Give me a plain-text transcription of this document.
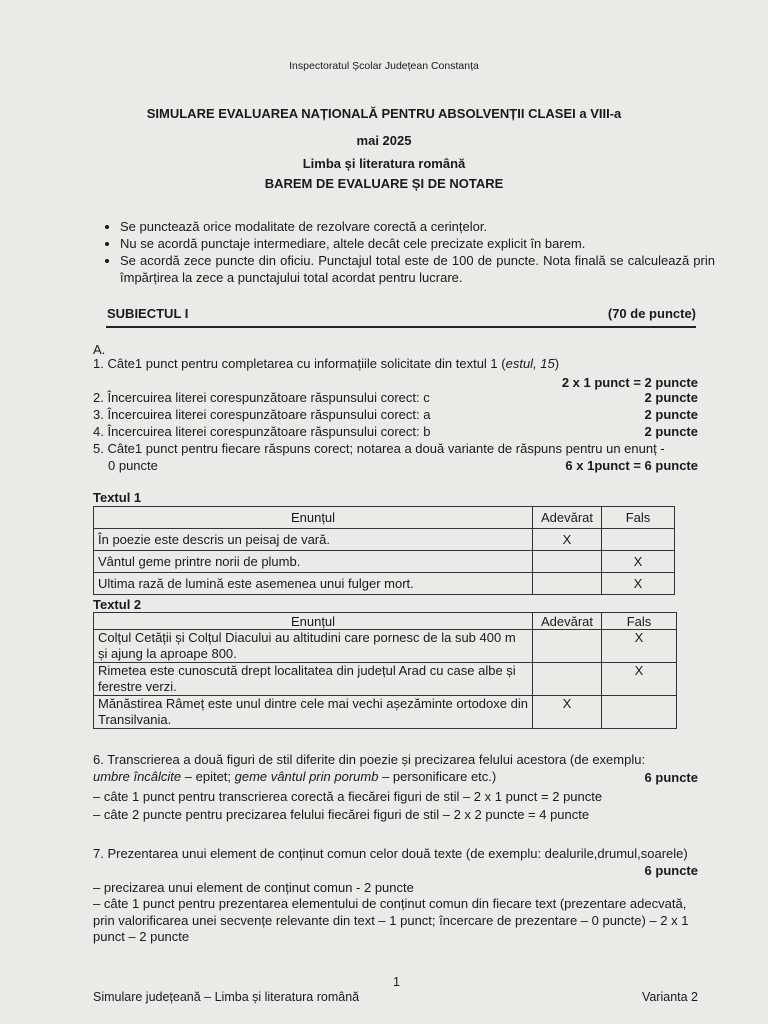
Inspectoratul Școlar Județean Constanța
SIMULARE EVALUAREA NAȚIONALĂ PENTRU ABSOLVENȚII CLASEI a VIII-a
mai 2025
Limba și literatura română
BAREM DE EVALUARE ȘI DE NOTARE
• Se punctează orice modalitate de rezolvare corectă a cerințelor.
• Nu se acordă punctaje intermediare, altele decât cele precizate explicit în barem.
• Se acordă zece puncte din oficiu. Punctajul total este de 100 de puncte. Nota finală se calculează prin împărțirea la zece a punctajului total acordat pentru lucrare.
SUBIECTUL I	(70 de puncte)
A.
1. Câte1 punct pentru completarea cu informațiile solicitate din textul 1 (estul, 15)
2 x 1 punct = 2 puncte
2. Încercuirea literei corespunzătoare răspunsului corect: c	2 puncte
3. Încercuirea literei corespunzătoare răspunsului corect: a	2 puncte
4. Încercuirea literei corespunzătoare răspunsului corect: b	2 puncte
5. Câte1 punct pentru fiecare răspuns corect; notarea a două variante de răspuns pentru un enunț -
0 puncte	6 x 1punct = 6 puncte
Textul 1
Enunțul	Adevărat	Fals
În poezie este descris un peisaj de vară.	X	
Vântul geme printre norii de plumb.		X
Ultima rază de lumină este asemenea unui fulger mort.		X
Textul 2
Enunțul	Adevărat	Fals
Colțul Cetății și Colțul Diacului au altitudini care pornesc de la sub 400 m și ajung la aproape 800.		X
Rimetea este cunoscută drept localitatea din județul Arad cu case albe și ferestre verzi.		X
Mănăstirea Râmeț este unul dintre cele mai vechi așezăminte ortodoxe din Transilvania.	X	
6. Transcrierea a două figuri de stil diferite din poezie și precizarea felului acestora (de exemplu:
umbre încâlcite – epitet; geme vântul prin porumb – personificare etc.)	6 puncte
– câte 1 punct pentru transcrierea corectă a fiecărei figuri de stil – 2 x 1 punct = 2 puncte
– câte 2 puncte pentru precizarea felului fiecărei figuri de stil – 2 x 2 puncte = 4 puncte
7. Prezentarea unui element de conținut comun celor două texte (de exemplu: dealurile,drumul,soarele)
6 puncte
– precizarea unui element de conținut comun - 2 puncte
– câte 1 punct pentru prezentarea elementului de conținut comun din fiecare text (prezentare adecvată,
prin valorificarea unei secvențe relevante din text – 1 punct; încercare de prezentare – 0 puncte) – 2 x 1
punct – 2 puncte
1
Simulare județeană – Limba și literatura română	Varianta 2
